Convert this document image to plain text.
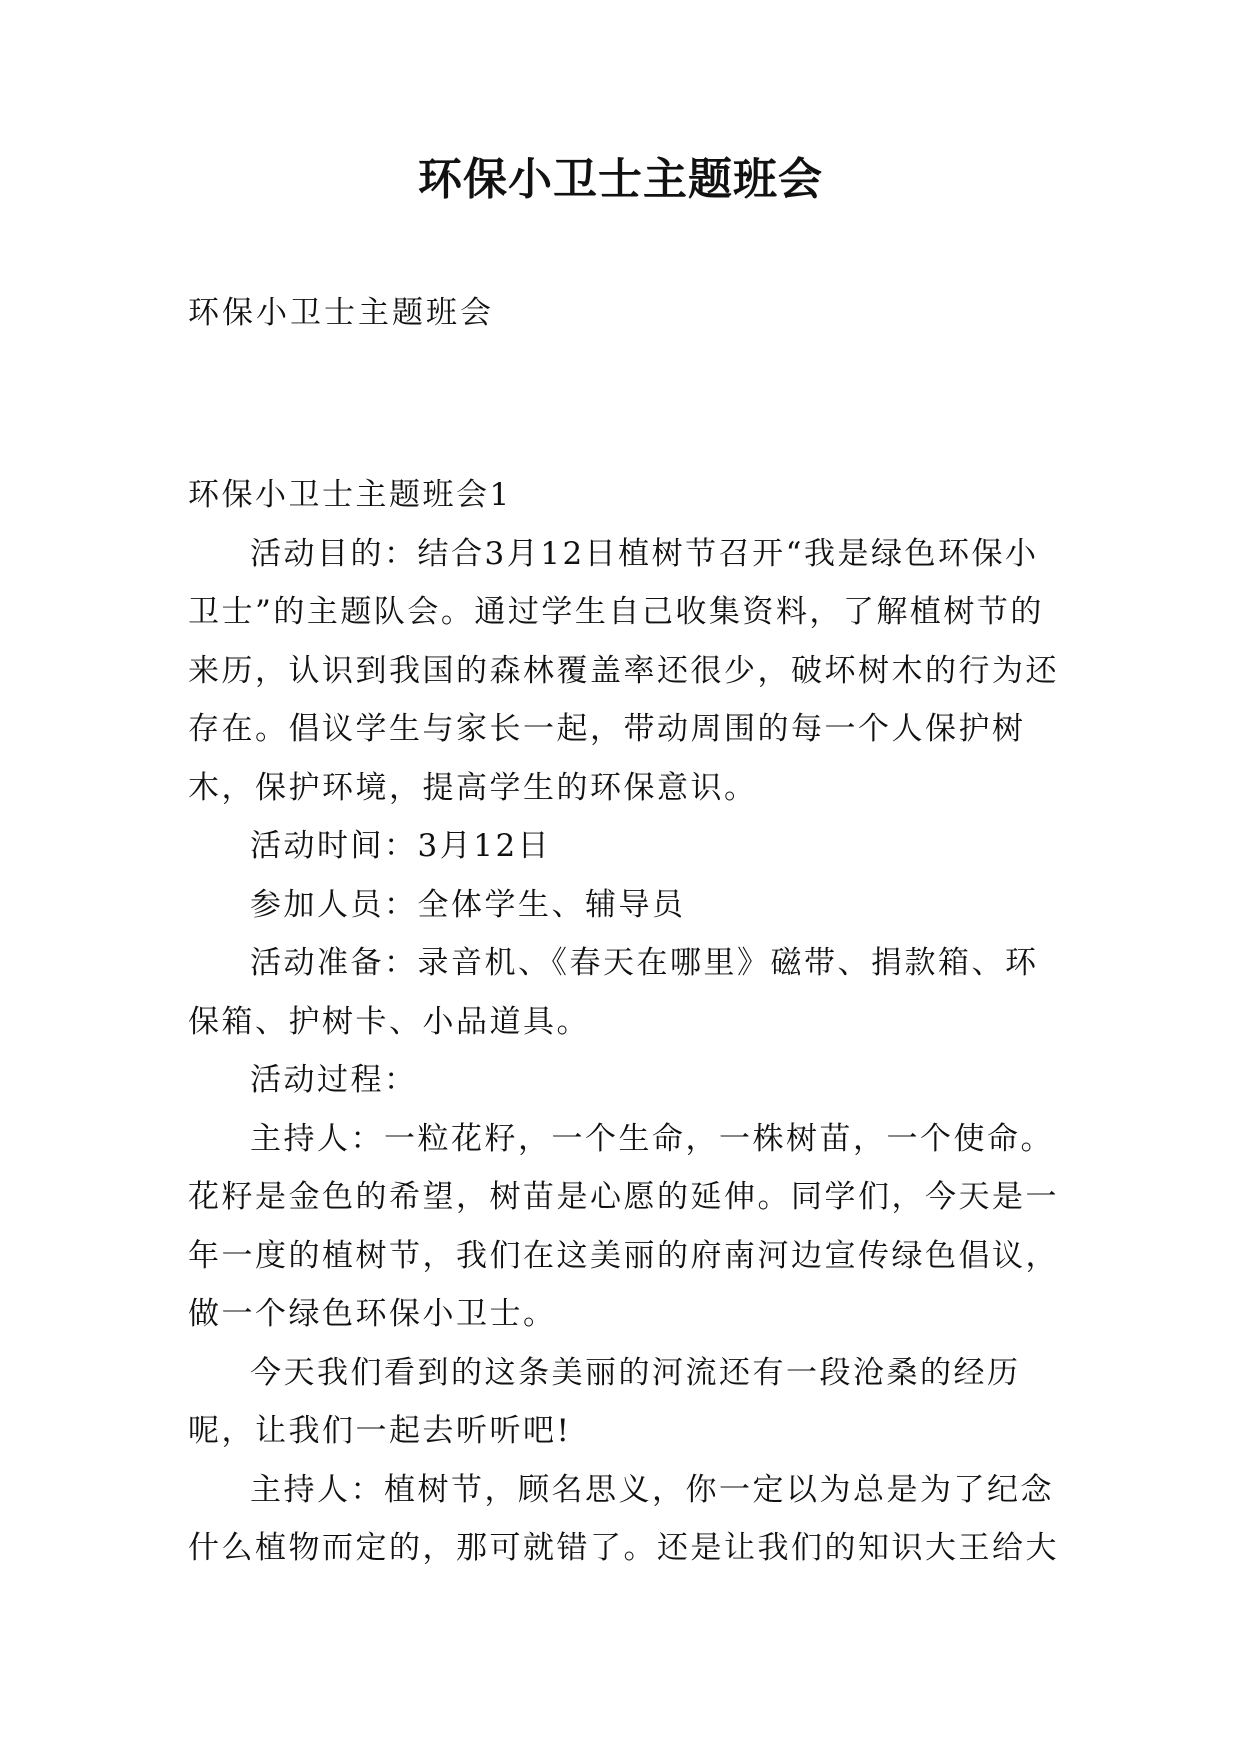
环保小卫士主题班会
环保小卫士主题班会

环保小卫士主题班会1

活动目的：结合3月12日植树节召开“我是绿色环保小卫士”的主题队会。通过学生自己收集资料，了解植树节的来历，认识到我国的森林覆盖率还很少，破坏树木的行为还存在。倡议学生与家长一起，带动周围的每一个人保护树木，保护环境，提高学生的环保意识。

活动时间：3月12日

参加人员：全体学生、辅导员

活动准备：录音机、《春天在哪里》磁带、捐款箱、环保箱、护树卡、小品道具。

活动过程：

主持人：一粒花籽，一个生命，一株树苗，一个使命。花籽是金色的希望，树苗是心愿的延伸。同学们，今天是一年一度的植树节，我们在这美丽的府南河边宣传绿色倡议，做一个绿色环保小卫士。

今天我们看到的这条美丽的河流还有一段沧桑的经历呢，让我们一起去听听吧!

主持人：植树节，顾名思义，你一定以为总是为了纪念什么植物而定的，那可就错了。还是让我们的知识大王给大
